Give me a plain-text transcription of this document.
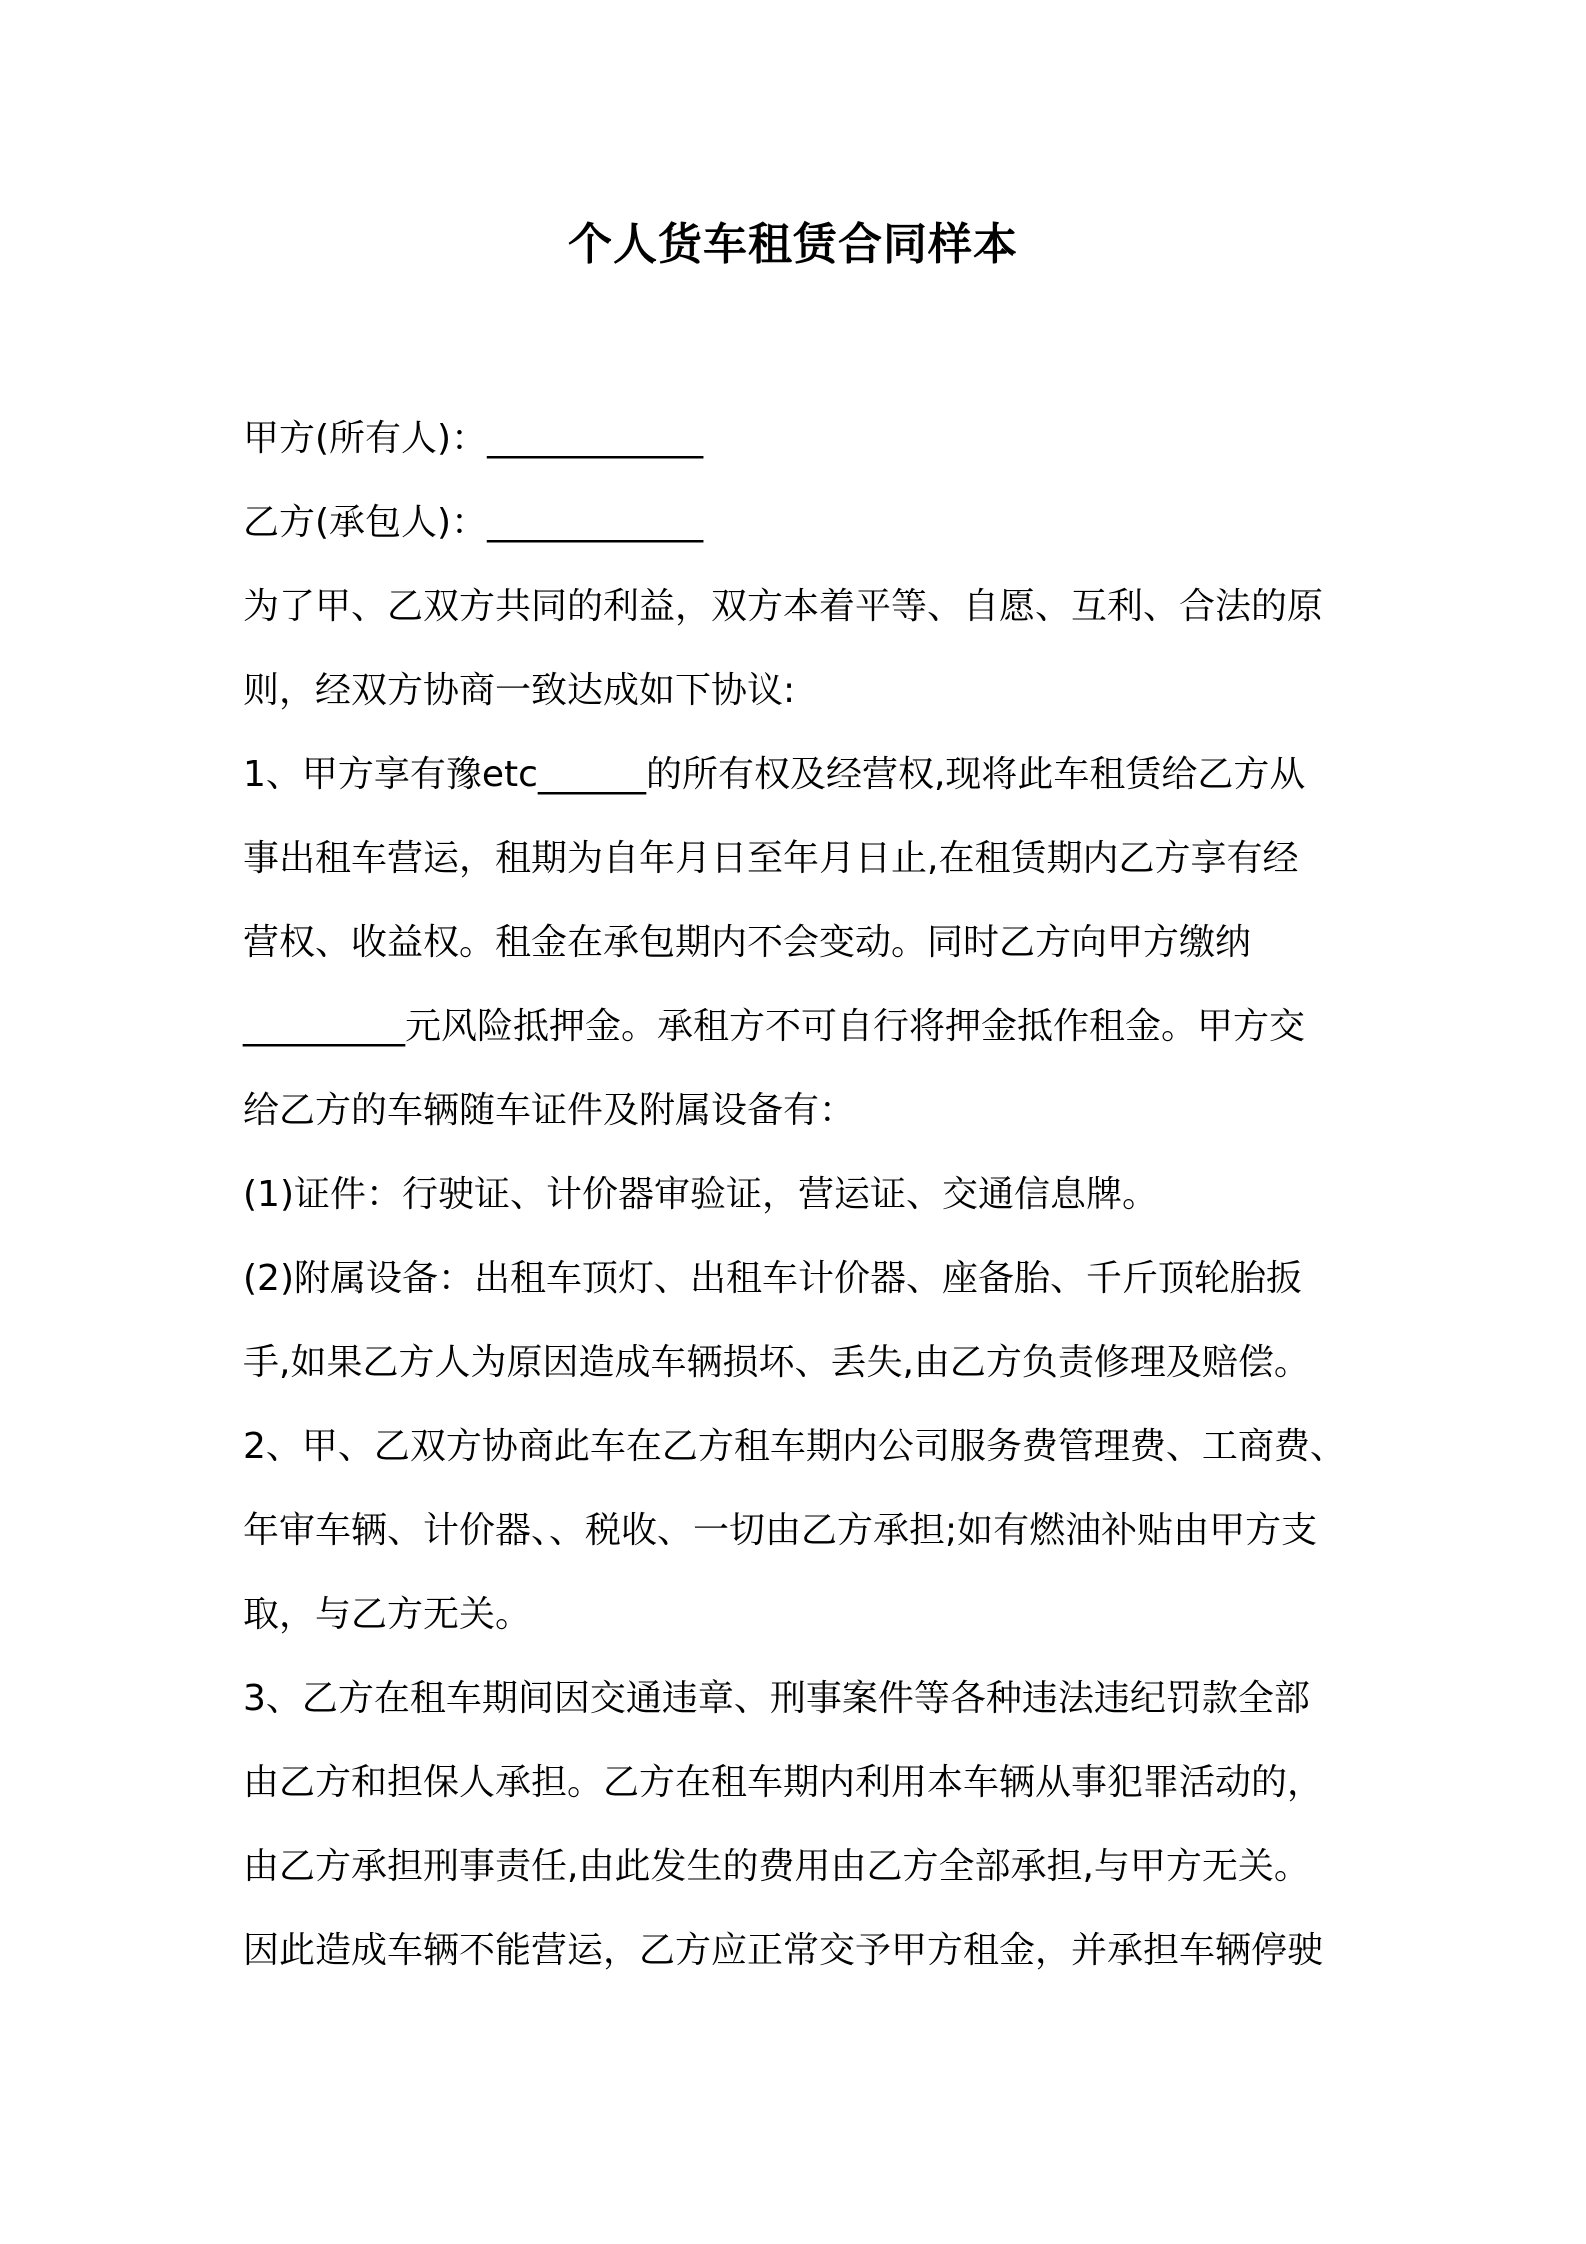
个人货车租赁合同样本

甲方(所有人)：____________

乙方(承包人)：____________

为了甲、乙双方共同的利益，双方本着平等、自愿、互利、合法的原

则，经双方协商一致达成如下协议:

1、甲方享有豫etc______的所有权及经营权,现将此车租赁给乙方从

事出租车营运，租期为自年月日至年月日止,在租赁期内乙方享有经

营权、收益权。租金在承包期内不会变动。同时乙方向甲方缴纳

_________元风险抵押金。承租方不可自行将押金抵作租金。甲方交

给乙方的车辆随车证件及附属设备有：

(1)证件：行驶证、计价器审验证，营运证、交通信息牌。

(2)附属设备：出租车顶灯、出租车计价器、座备胎、千斤顶轮胎扳

手,如果乙方人为原因造成车辆损坏、丢失,由乙方负责修理及赔偿。

2、甲、乙双方协商此车在乙方租车期内公司服务费管理费、工商费、

年审车辆、计价器、、税收、一切由乙方承担;如有燃油补贴由甲方支

取，与乙方无关。

3、乙方在租车期间因交通违章、刑事案件等各种违法违纪罚款全部

由乙方和担保人承担。乙方在租车期内利用本车辆从事犯罪活动的，

由乙方承担刑事责任,由此发生的费用由乙方全部承担,与甲方无关。

因此造成车辆不能营运，乙方应正常交予甲方租金，并承担车辆停驶
